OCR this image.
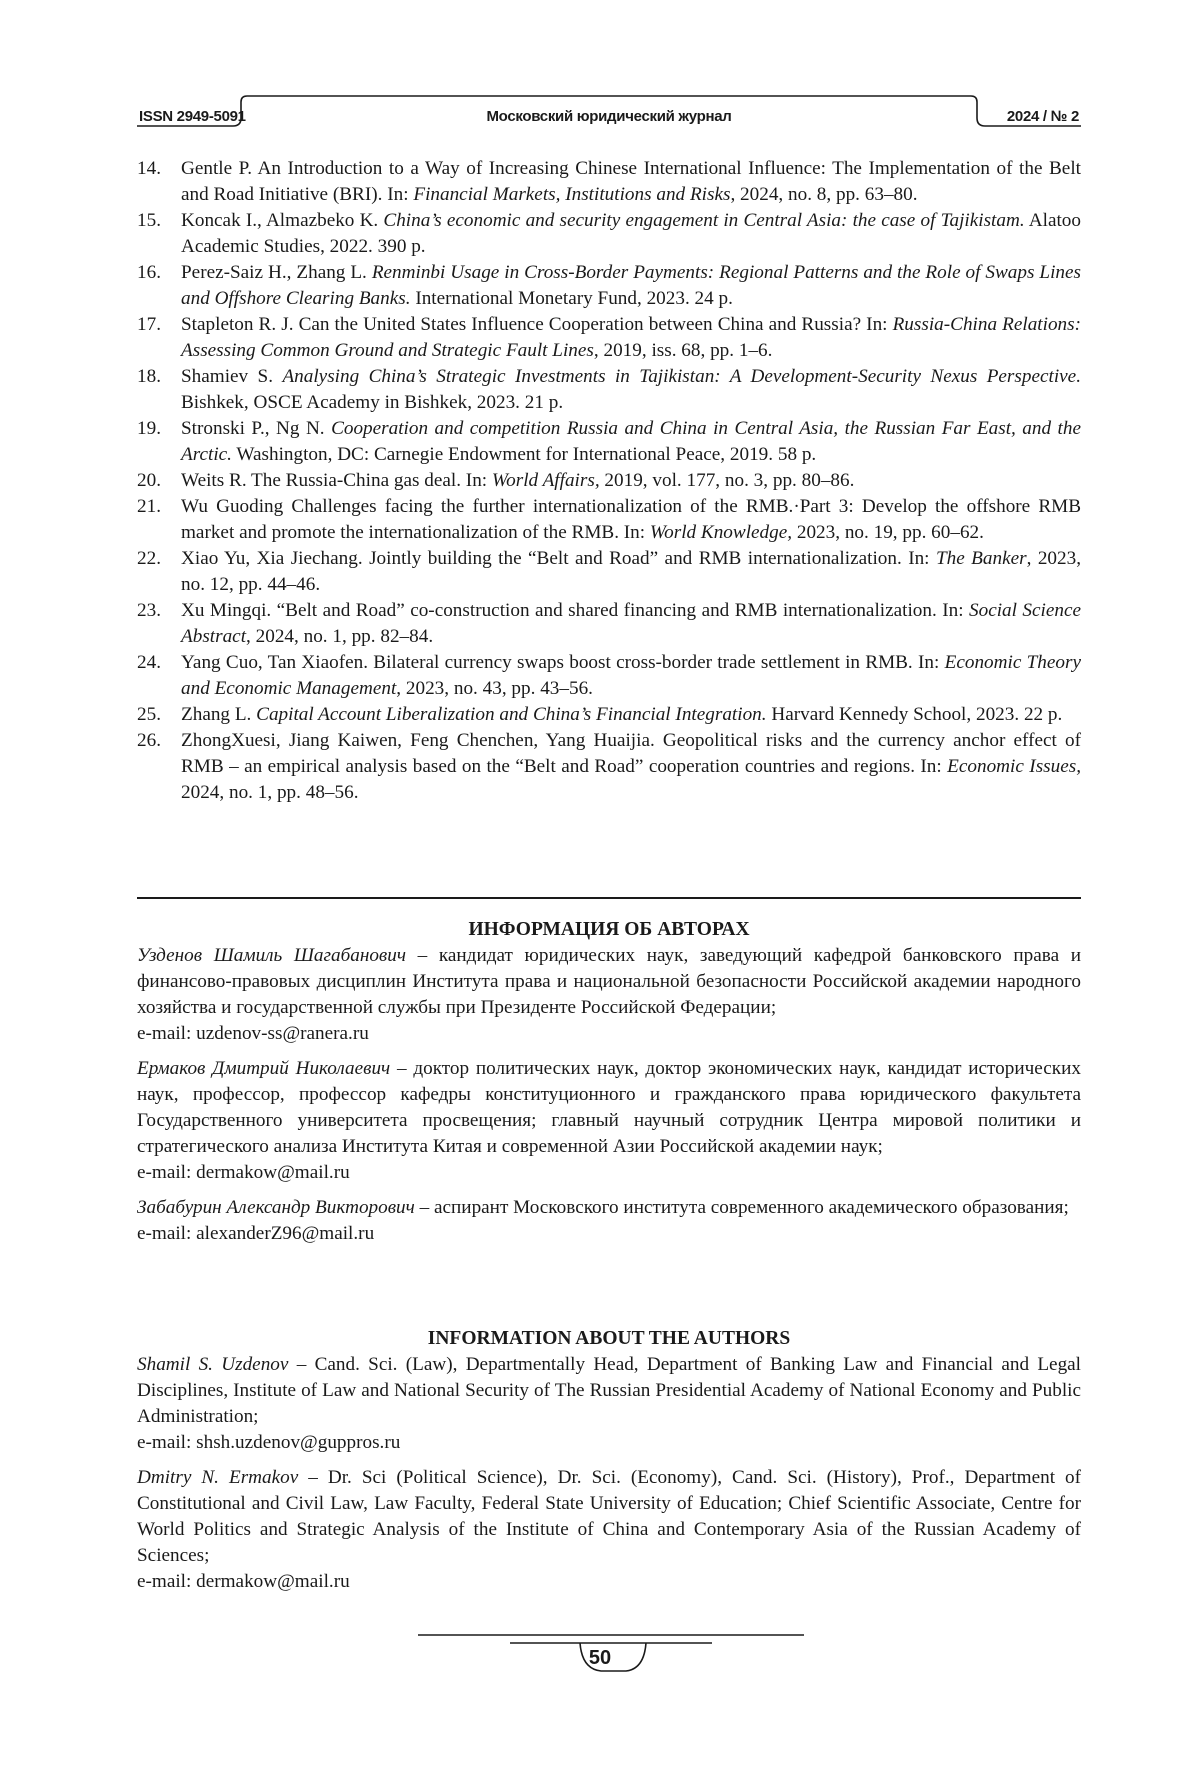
ISSN 2949-5091	Московский юридический журнал	2024 / № 2
14. Gentle P. An Introduction to a Way of Increasing Chinese International Influence: The Implementation of the Belt and Road Initiative (BRI). In: Financial Markets, Institutions and Risks, 2024, no. 8, pp. 63–80.
15. Koncak I., Almazbeko K. China’s economic and security engagement in Central Asia: the case of Tajikistam. Alatoo Academic Studies, 2022. 390 p.
16. Perez-Saiz H., Zhang L. Renminbi Usage in Cross-Border Payments: Regional Patterns and the Role of Swaps Lines and Offshore Clearing Banks. International Monetary Fund, 2023. 24 p.
17. Stapleton R. J. Can the United States Influence Cooperation between China and Russia? In: Russia-China Relations: Assessing Common Ground and Strategic Fault Lines, 2019, iss. 68, pp. 1–6.
18. Shamiev S. Analysing China’s Strategic Investments in Tajikistan: A Development-Security Nexus Perspective. Bishkek, OSCE Academy in Bishkek, 2023. 21 p.
19. Stronski P., Ng N. Cooperation and competition Russia and China in Central Asia, the Russian Far East, and the Arctic. Washington, DC: Carnegie Endowment for International Peace, 2019. 58 p.
20. Weits R. The Russia-China gas deal. In: World Affairs, 2019, vol. 177, no. 3, pp. 80–86.
21. Wu Guoding Challenges facing the further internationalization of the RMB.·Part 3: Develop the offshore RMB market and promote the internationalization of the RMB. In: World Knowledge, 2023, no. 19, pp. 60–62.
22. Xiao Yu, Xia Jiechang. Jointly building the “Belt and Road” and RMB internationalization. In: The Banker, 2023, no. 12, pp. 44–46.
23. Xu Mingqi. “Belt and Road” co-construction and shared financing and RMB internationalization. In: Social Science Abstract, 2024, no. 1, pp. 82–84.
24. Yang Cuo, Tan Xiaofen. Bilateral currency swaps boost cross-border trade settlement in RMB. In: Economic Theory and Economic Management, 2023, no. 43, pp. 43–56.
25. Zhang L. Capital Account Liberalization and China’s Financial Integration. Harvard Kennedy School, 2023. 22 p.
26. ZhongXuesi, Jiang Kaiwen, Feng Chenchen, Yang Huaijia. Geopolitical risks and the currency anchor effect of RMB – an empirical analysis based on the “Belt and Road” cooperation countries and regions. In: Economic Issues, 2024, no. 1, pp. 48–56.
ИНФОРМАЦИЯ ОБ АВТОРАХ

Узденов Шамиль Шагабанович – кандидат юридических наук, заведующий кафедрой банковского права и финансово-правовых дисциплин Института права и национальной безопасности Российской академии народного хозяйства и государственной службы при Президенте Российской Федерации;
e-mail: uzdenov-ss@ranera.ru

Ермаков Дмитрий Николаевич – доктор политических наук, доктор экономических наук, кандидат исторических наук, профессор, профессор кафедры конституционного и гражданского права юридического факультета Государственного университета просвещения; главный научный сотрудник Центра мировой политики и стратегического анализа Института Китая и современной Азии Российской академии наук;
e-mail: dermakow@mail.ru

Забабурин Александр Викторович – аспирант Московского института современного академического образования;
e-mail: alexanderZ96@mail.ru

INFORMATION ABOUT THE AUTHORS

Shamil S. Uzdenov – Cand. Sci. (Law), Departmentally Head, Department of Banking Law and Financial and Legal Disciplines, Institute of Law and National Security of The Russian Presidential Academy of National Economy and Public Administration;
e-mail: shsh.uzdenov@guppros.ru

Dmitry N. Ermakov – Dr. Sci (Political Science), Dr. Sci. (Economy), Cand. Sci. (History), Prof., Department of Constitutional and Civil Law, Law Faculty, Federal State University of Education; Chief Scientific Associate, Centre for World Politics and Strategic Analysis of the Institute of China and Contemporary Asia of the Russian Academy of Sciences;
e-mail: dermakow@mail.ru

50
